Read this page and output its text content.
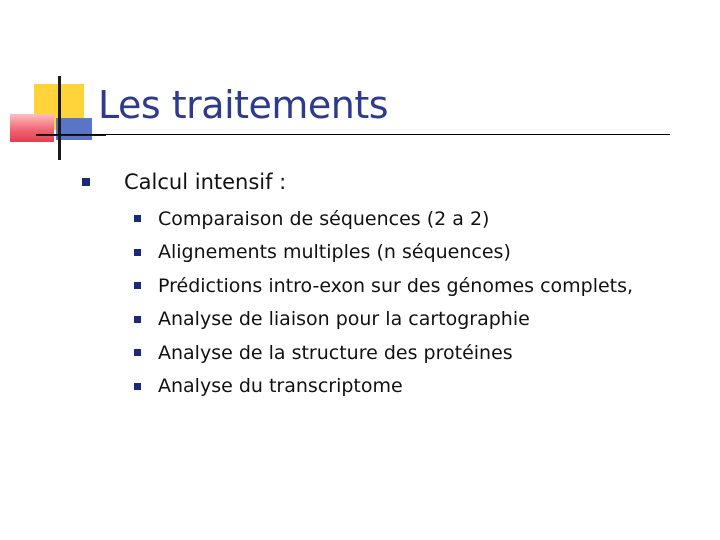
Les traitements
Calcul intensif :
Comparaison de séquences (2 a 2)
Alignements multiples (n séquences)
Prédictions intro-exon sur des génomes complets,
Analyse de liaison pour la cartographie
Analyse de la structure des protéines
Analyse du transcriptome
